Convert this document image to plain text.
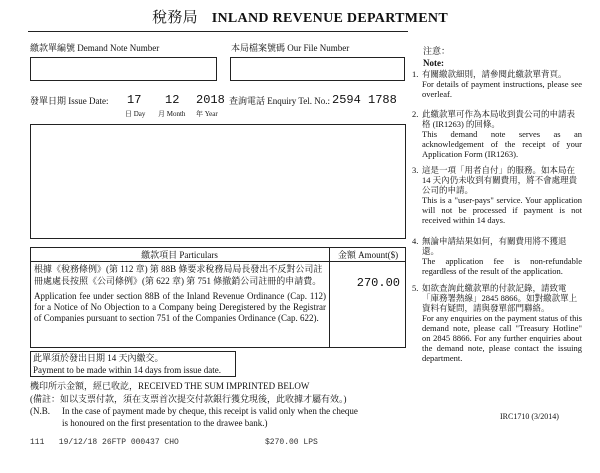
稅務局 INLAND REVENUE DEPARTMENT
繳款單編號 Demand Note Number	本局檔案號碼 Our File Number
發單日期 Issue Date: 17 12 2018
日 Day 月 Month 年 Year
查詢電話 Enquiry Tel. No.: 2594 1788
繳款項目 Particulars	金額 Amount($)
根據《稅務條例》(第 112 章) 第 88B 條要求稅務局局長發出不反對公司註冊處處長按照《公司條例》(第 622 章) 第 751 條撤銷公司註冊的申請費。
Application fee under section 88B of the Inland Revenue Ordinance (Cap. 112) for a Notice of No Objection to a Company being Deregistered by the Registrar of Companies pursuant to section 751 of the Companies Ordinance (Cap. 622).
270.00
此單須於發出日期 14 天內繳交。
Payment to be made within 14 days from issue date.
機印所示金額，經已收訖，RECEIVED THE SUM IMPRINTED BELOW
(備註：如以支票付款，須在支票首次提交付款銀行獲兌現後，此收據才屬有效。)
(N.B. In the case of payment made by cheque, this receipt is valid only when the cheque
is honoured on the first presentation to the drawee bank.)
IRC1710 (3/2014)
111   19/12/18 26FTP 000437 CHO	$270.00 LPS
注意：
Note:
1. 有關繳款細則，請參閱此繳款單背頁。

For details of payment instructions, please see overleaf.

2. 此繳款單可作為本局收到貴公司的申請表格 (IR1263) 的回條。

This demand note serves as an acknowledgement of the receipt of your Application Form (IR1263).

3. 這是一項「用者自付」的服務。如本局在 14 天內仍未收到有關費用，將不會處理貴公司的申請。

This is a "user-pays" service. Your application will not be processed if payment is not received within 14 days.

4. 無論申請結果如何，有關費用將不獲退還。

The application fee is non-refundable regardless of the result of the application.

5. 如欲查詢此繳款單的付款記錄，請致電「庫務署熱線」2845 8866。如對繳款單上資料有疑問，請與發單部門聯絡。

For any enquiries on the payment status of this demand note, please call "Treasury Hotline" on 2845 8866. For any further enquiries about the demand note, please contact the issuing department.
